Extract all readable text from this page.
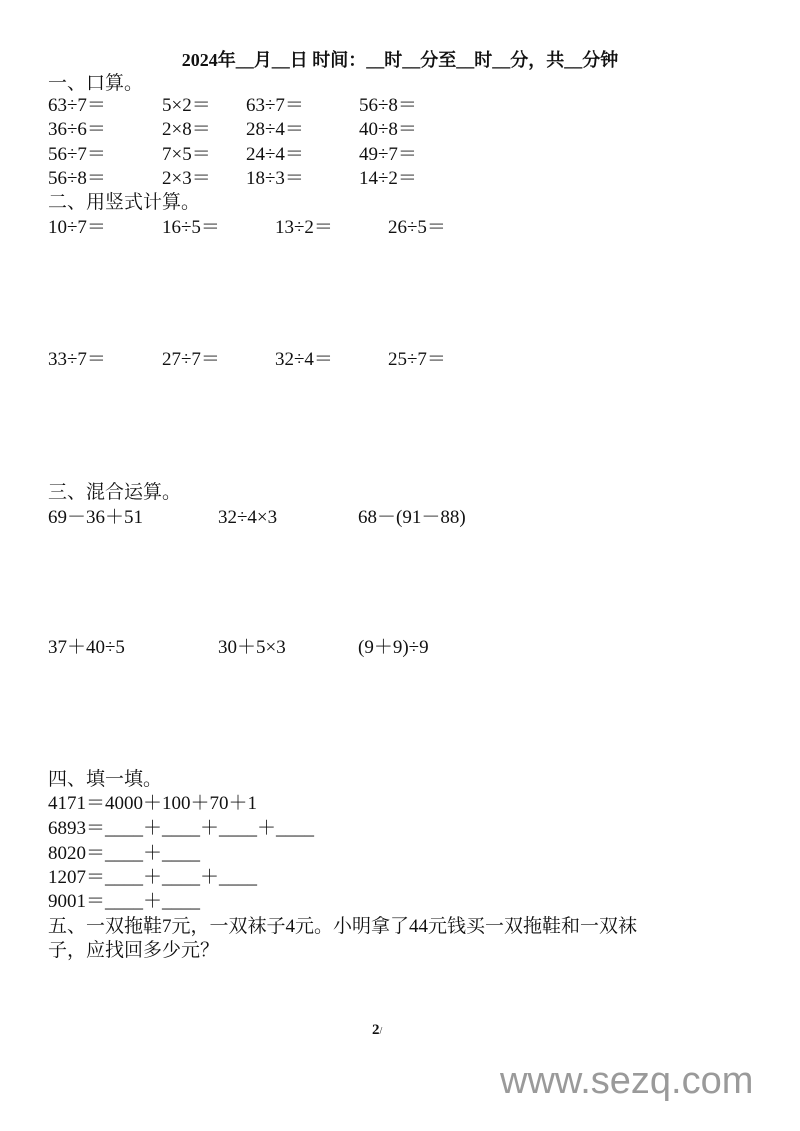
2024年__月__日 时间：__时__分至__时__分，共__分钟
一、口算。
63÷7＝	5×2＝ 63÷7＝	56÷8＝
36÷6＝	2×8＝ 28÷4＝	40÷8＝
56÷7＝	7×5＝ 24÷4＝	49÷7＝
56÷8＝	2×3＝ 18÷3＝	14÷2＝
二、用竖式计算。
10÷7＝	16÷5＝	13÷2＝	26÷5＝
33÷7＝	27÷7＝	32÷4＝	25÷7＝
三、混合运算。
69－36＋51	32÷4×3	68－(91－88)
37＋40÷5	30＋5×3	(9＋9)÷9
四、填一填。
4171＝4000＋100＋70＋1
6893＝____＋____＋____＋____
8020＝____＋____
1207＝____＋____＋____
9001＝____＋____
五、一双拖鞋7元，一双袜子4元。小明拿了44元钱买一双拖鞋和一双袜
子，应找回多少元？
2/
www.sezq.com
